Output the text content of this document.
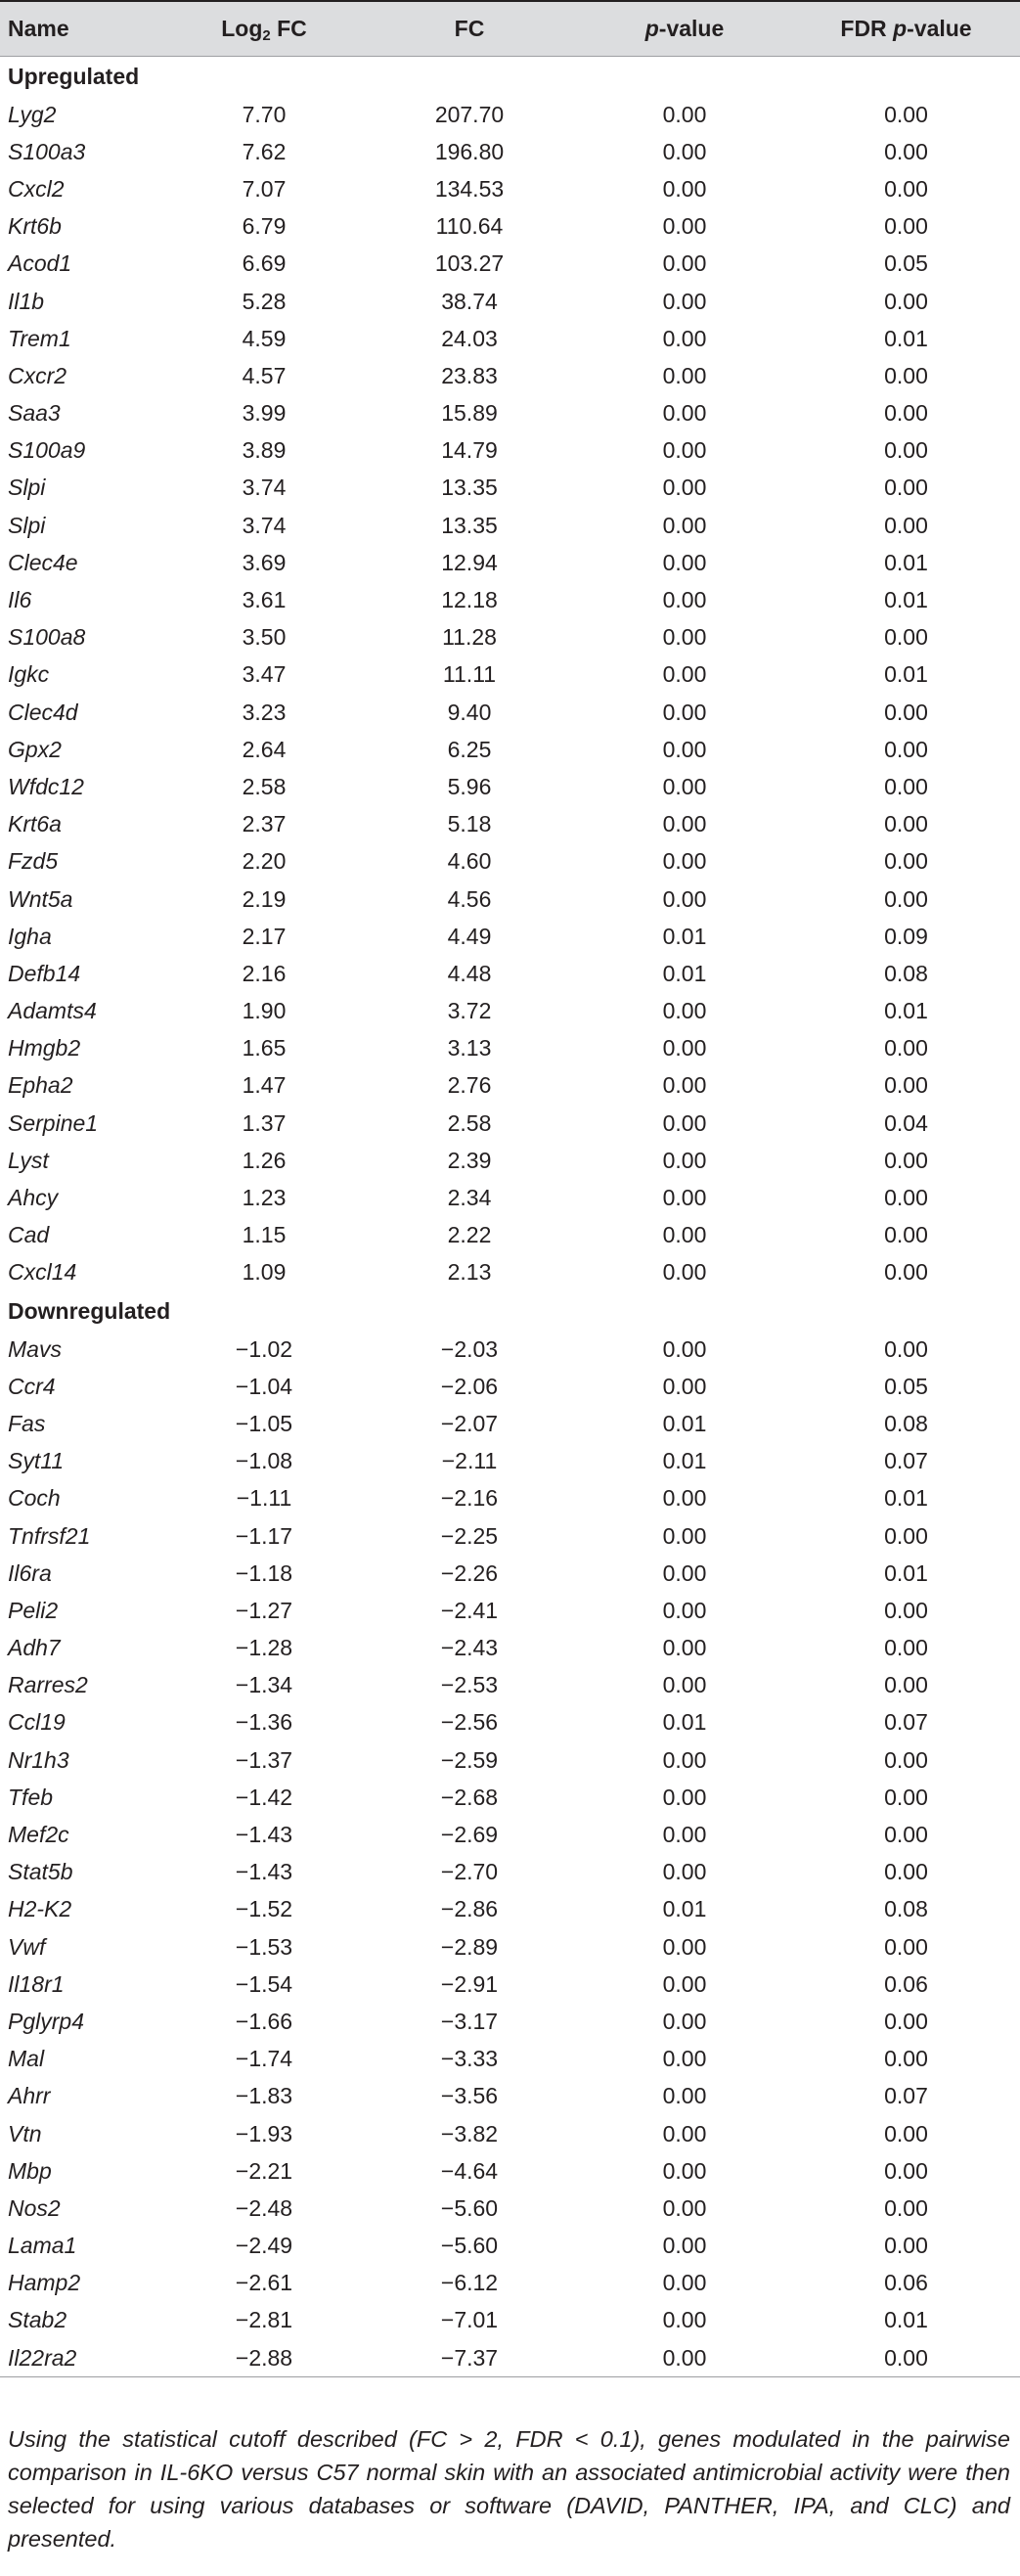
Name	Log$_2$ FC	FC	p-value	FDR p-value
Upregulated				
Lyg2	7.70	207.70	0.00	0.00
S100a3	7.62	196.80	0.00	0.00
Cxcl2	7.07	134.53	0.00	0.00
Krt6b	6.79	110.64	0.00	0.00
Acod1	6.69	103.27	0.00	0.05
Il1b	5.28	38.74	0.00	0.00
Trem1	4.59	24.03	0.00	0.01
Cxcr2	4.57	23.83	0.00	0.00
Saa3	3.99	15.89	0.00	0.00
S100a9	3.89	14.79	0.00	0.00
Slpi	3.74	13.35	0.00	0.00
Slpi	3.74	13.35	0.00	0.00
Clec4e	3.69	12.94	0.00	0.01
Il6	3.61	12.18	0.00	0.01
S100a8	3.50	11.28	0.00	0.00
Igkc	3.47	11.11	0.00	0.01
Clec4d	3.23	9.40	0.00	0.00
Gpx2	2.64	6.25	0.00	0.00
Wfdc12	2.58	5.96	0.00	0.00
Krt6a	2.37	5.18	0.00	0.00
Fzd5	2.20	4.60	0.00	0.00
Wnt5a	2.19	4.56	0.00	0.00
Igha	2.17	4.49	0.01	0.09
Defb14	2.16	4.48	0.01	0.08
Adamts4	1.90	3.72	0.00	0.01
Hmgb2	1.65	3.13	0.00	0.00
Epha2	1.47	2.76	0.00	0.00
Serpine1	1.37	2.58	0.00	0.04
Lyst	1.26	2.39	0.00	0.00
Ahcy	1.23	2.34	0.00	0.00
Cad	1.15	2.22	0.00	0.00
Cxcl14	1.09	2.13	0.00	0.00
Downregulated				
Mavs	−1.02	−2.03	0.00	0.00
Ccr4	−1.04	−2.06	0.00	0.05
Fas	−1.05	−2.07	0.01	0.08
Syt11	−1.08	−2.11	0.01	0.07
Coch	−1.11	−2.16	0.00	0.01
Tnfrsf21	−1.17	−2.25	0.00	0.00
Il6ra	−1.18	−2.26	0.00	0.01
Peli2	−1.27	−2.41	0.00	0.00
Adh7	−1.28	−2.43	0.00	0.00
Rarres2	−1.34	−2.53	0.00	0.00
Ccl19	−1.36	−2.56	0.01	0.07
Nr1h3	−1.37	−2.59	0.00	0.00
Tfeb	−1.42	−2.68	0.00	0.00
Mef2c	−1.43	−2.69	0.00	0.00
Stat5b	−1.43	−2.70	0.00	0.00
H2-K2	−1.52	−2.86	0.01	0.08
Vwf	−1.53	−2.89	0.00	0.00
Il18r1	−1.54	−2.91	0.00	0.06
Pglyrp4	−1.66	−3.17	0.00	0.00
Mal	−1.74	−3.33	0.00	0.00
Ahrr	−1.83	−3.56	0.00	0.07
Vtn	−1.93	−3.82	0.00	0.00
Mbp	−2.21	−4.64	0.00	0.00
Nos2	−2.48	−5.60	0.00	0.00
Lama1	−2.49	−5.60	0.00	0.00
Hamp2	−2.61	−6.12	0.00	0.06
Stab2	−2.81	−7.01	0.00	0.01
Il22ra2	−2.88	−7.37	0.00	0.00
Using the statistical cutoff described (FC > 2, FDR < 0.1), genes modulated in the pairwise comparison in IL-6KO versus C57 normal skin with an associated antimicrobial activity were then selected for using various databases or software (DAVID, PANTHER, IPA, and CLC) and presented.
